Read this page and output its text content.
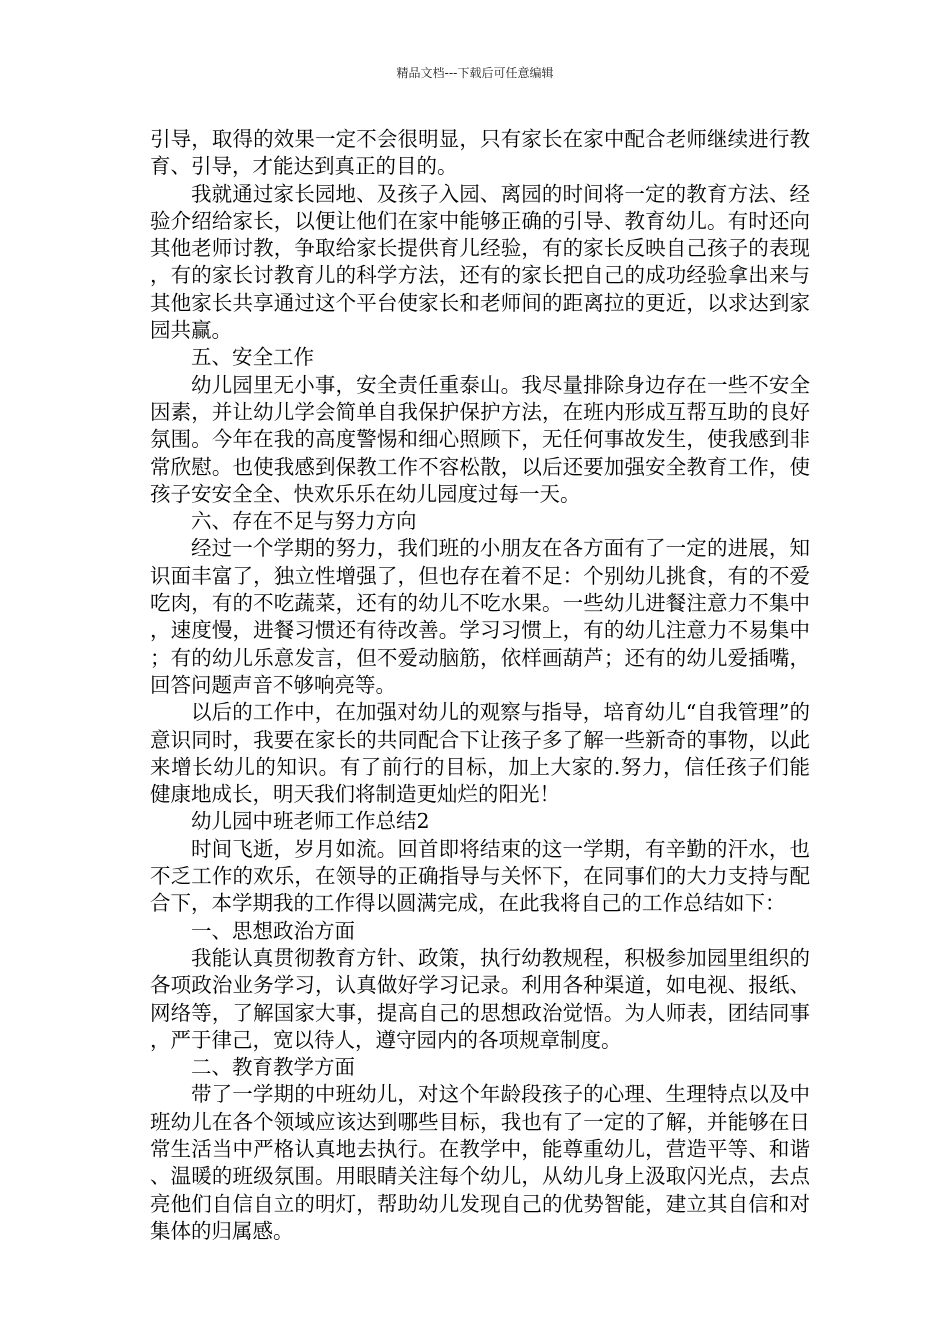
精品文档---下载后可任意编辑

引导，取得的效果一定不会很明显，只有家长在家中配合老师继续进行教育、引导，才能达到真正的目的。

我就通过家长园地、及孩子入园、离园的时间将一定的教育方法、经验介绍给家长，以便让他们在家中能够正确的引导、教育幼儿。有时还向其他老师讨教，争取给家长提供育儿经验，有的家长反映自己孩子的表现，有的家长讨教育儿的科学方法，还有的家长把自己的成功经验拿出来与其他家长共享通过这个平台使家长和老师间的距离拉的更近，以求达到家园共赢。

五、安全工作

幼儿园里无小事，安全责任重泰山。我尽量排除身边存在一些不安全因素，并让幼儿学会简单自我保护保护方法，在班内形成互帮互助的良好氛围。今年在我的高度警惕和细心照顾下，无任何事故发生，使我感到非常欣慰。也使我感到保教工作不容松散，以后还要加强安全教育工作，使孩子安安全全、快欢乐乐在幼儿园度过每一天。

六、存在不足与努力方向

经过一个学期的努力，我们班的小朋友在各方面有了一定的进展，知识面丰富了，独立性增强了，但也存在着不足：个别幼儿挑食，有的不爱吃肉，有的不吃蔬菜，还有的幼儿不吃水果。一些幼儿进餐注意力不集中，速度慢，进餐习惯还有待改善。学习习惯上，有的幼儿注意力不易集中；有的幼儿乐意发言，但不爱动脑筋，依样画葫芦；还有的幼儿爱插嘴，回答问题声音不够响亮等。

以后的工作中，在加强对幼儿的观察与指导，培育幼儿“自我管理”的意识同时，我要在家长的共同配合下让孩子多了解一些新奇的事物，以此来增长幼儿的知识。有了前行的目标，加上大家的.努力，信任孩子们能健康地成长，明天我们将制造更灿烂的阳光！

幼儿园中班老师工作总结2

时间飞逝，岁月如流。回首即将结束的这一学期，有辛勤的汗水，也不乏工作的欢乐，在领导的正确指导与关怀下，在同事们的大力支持与配合下，本学期我的工作得以圆满完成，在此我将自己的工作总结如下：

一、思想政治方面

我能认真贯彻教育方针、政策，执行幼教规程，积极参加园里组织的各项政治业务学习，认真做好学习记录。利用各种渠道，如电视、报纸、网络等，了解国家大事，提高自己的思想政治觉悟。为人师表，团结同事，严于律己，宽以待人，遵守园内的各项规章制度。

二、教育教学方面

带了一学期的中班幼儿，对这个年龄段孩子的心理、生理特点以及中班幼儿在各个领域应该达到哪些目标，我也有了一定的了解，并能够在日常生活当中严格认真地去执行。在教学中，能尊重幼儿，营造平等、和谐、温暖的班级氛围。用眼睛关注每个幼儿，从幼儿身上汲取闪光点，去点亮他们自信自立的明灯，帮助幼儿发现自己的优势智能，建立其自信和对集体的归属感。
